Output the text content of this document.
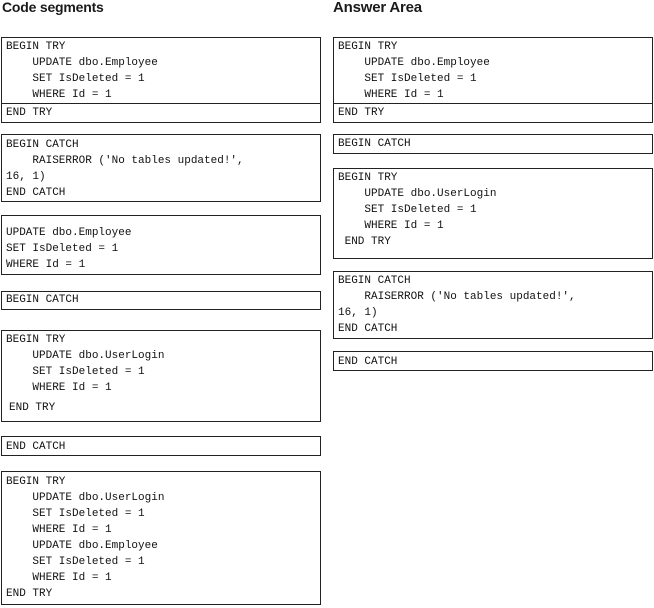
Code segments	Answer Area
BEGIN TRY
UPDATE dbo.Employee
SET IsDeleted = 1
WHERE Id = 1
END TRY
BEGIN CATCH
RAISERROR ('No tables updated!',
16, 1)
END CATCH
UPDATE dbo.Employee
SET IsDeleted = 1
WHERE Id = 1
BEGIN CATCH
BEGIN TRY
UPDATE dbo.UserLogin
SET IsDeleted = 1
WHERE Id = 1
END TRY
END CATCH
BEGIN TRY
UPDATE dbo.UserLogin
SET IsDeleted = 1
WHERE Id = 1
UPDATE dbo.Employee
SET IsDeleted = 1
WHERE Id = 1
END TRY
BEGIN TRY
UPDATE dbo.Employee
SET IsDeleted = 1
WHERE Id = 1
END TRY
BEGIN CATCH
BEGIN TRY
UPDATE dbo.UserLogin
SET IsDeleted = 1
WHERE Id = 1
END TRY
BEGIN CATCH
RAISERROR ('No tables updated!',
16, 1)
END CATCH
END CATCH
